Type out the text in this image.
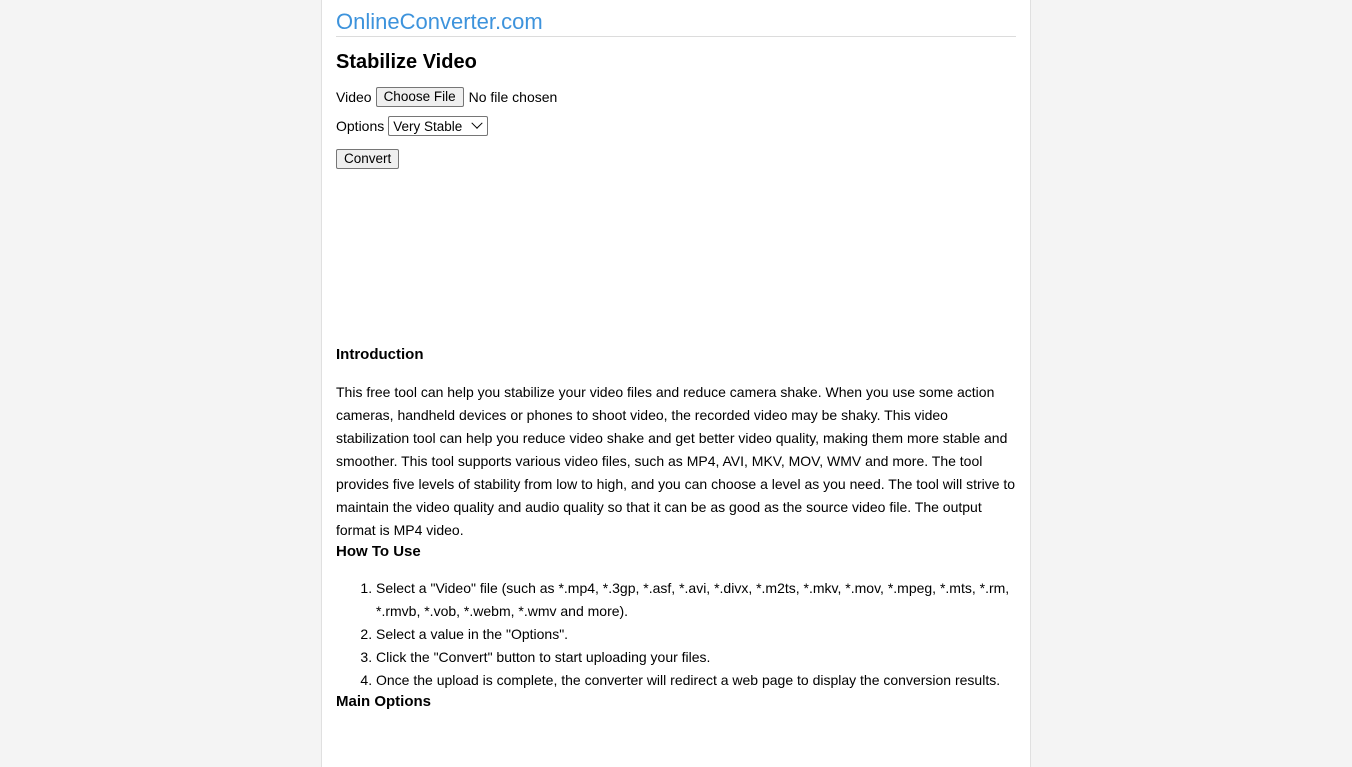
OnlineConverter.com
Stabilize Video
Video Choose File No file chosen
Options Very Stable
Convert
Introduction

This free tool can help you stabilize your video files and reduce camera shake. When you use some action cameras, handheld devices or phones to shoot video, the recorded video may be shaky. This video stabilization tool can help you reduce video shake and get better video quality, making them more stable and smoother. This tool supports various video files, such as MP4, AVI, MKV, MOV, WMV and more. The tool provides five levels of stability from low to high, and you can choose a level as you need. The tool will strive to maintain the video quality and audio quality so that it can be as good as the source video file. The output format is MP4 video.

How To Use
1. Select a "Video" file (such as *.mp4, *.3gp, *.asf, *.avi, *.divx, *.m2ts, *.mkv, *.mov, *.mpeg, *.mts, *.rm, *.rmvb, *.vob, *.webm, *.wmv and more).
2. Select a value in the "Options".
3. Click the "Convert" button to start uploading your files.
4. Once the upload is complete, the converter will redirect a web page to display the conversion results.
Main Options
